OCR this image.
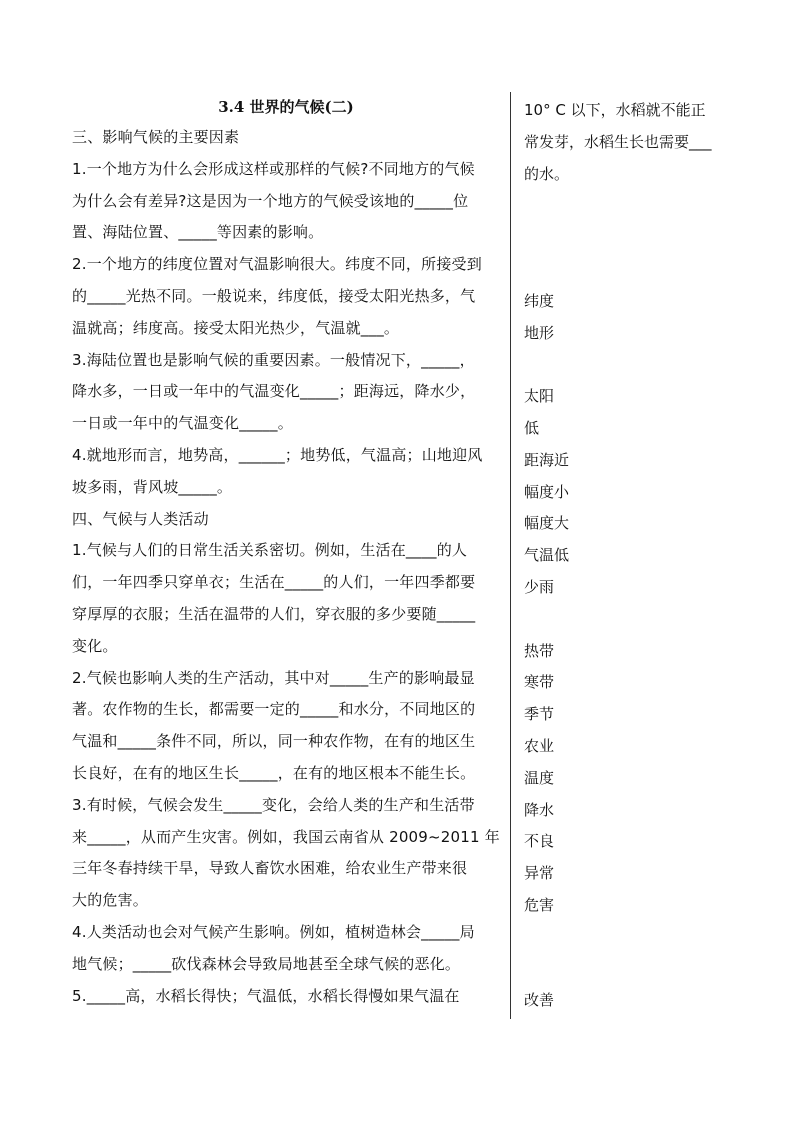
3.4 世界的气候(二)
三、影响气候的主要因素
1.一个地方为什么会形成这样或那样的气候?不同地方的气候
为什么会有差异?这是因为一个地方的气候受该地的_____位
置、海陆位置、_____等因素的影响。
2.一个地方的纬度位置对气温影响很大。纬度不同，所接受到
的_____光热不同。一般说来，纬度低，接受太阳光热多，气
温就高；纬度高。接受太阳光热少，气温就___。
3.海陆位置也是影响气候的重要因素。一般情况下，_____，
降水多，一日或一年中的气温变化_____；距海远，降水少，
一日或一年中的气温变化_____。
4.就地形而言，地势高，______；地势低，气温高；山地迎风
坡多雨，背风坡_____。
四、气候与人类活动
1.气候与人们的日常生活关系密切。例如，生活在____的人
们，一年四季只穿单衣；生活在_____的人们，一年四季都要
穿厚厚的衣服；生活在温带的人们，穿衣服的多少要随_____
变化。
2.气候也影响人类的生产活动，其中对_____生产的影响最显
著。农作物的生长，都需要一定的_____和水分，不同地区的
气温和_____条件不同，所以，同一种农作物，在有的地区生
长良好，在有的地区生长_____，在有的地区根本不能生长。
3.有时候，气候会发生_____变化，会给人类的生产和生活带
来_____，从而产生灾害。例如，我国云南省从 2009~2011 年
三年冬春持续干旱，导致人畜饮水困难，给农业生产带来很
大的危害。
4.人类活动也会对气候产生影响。例如，植树造林会_____局
地气候；_____砍伐森林会导致局地甚至全球气候的恶化。
5._____高，水稻长得快；气温低，水稻长得慢如果气温在
10° C 以下，水稻就不能正
常发芽，水稻生长也需要___
的水。
纬度
地形
太阳
低
距海近
幅度小
幅度大
气温低
少雨
热带
寒带
季节
农业
温度
降水
不良
异常
危害
改善
